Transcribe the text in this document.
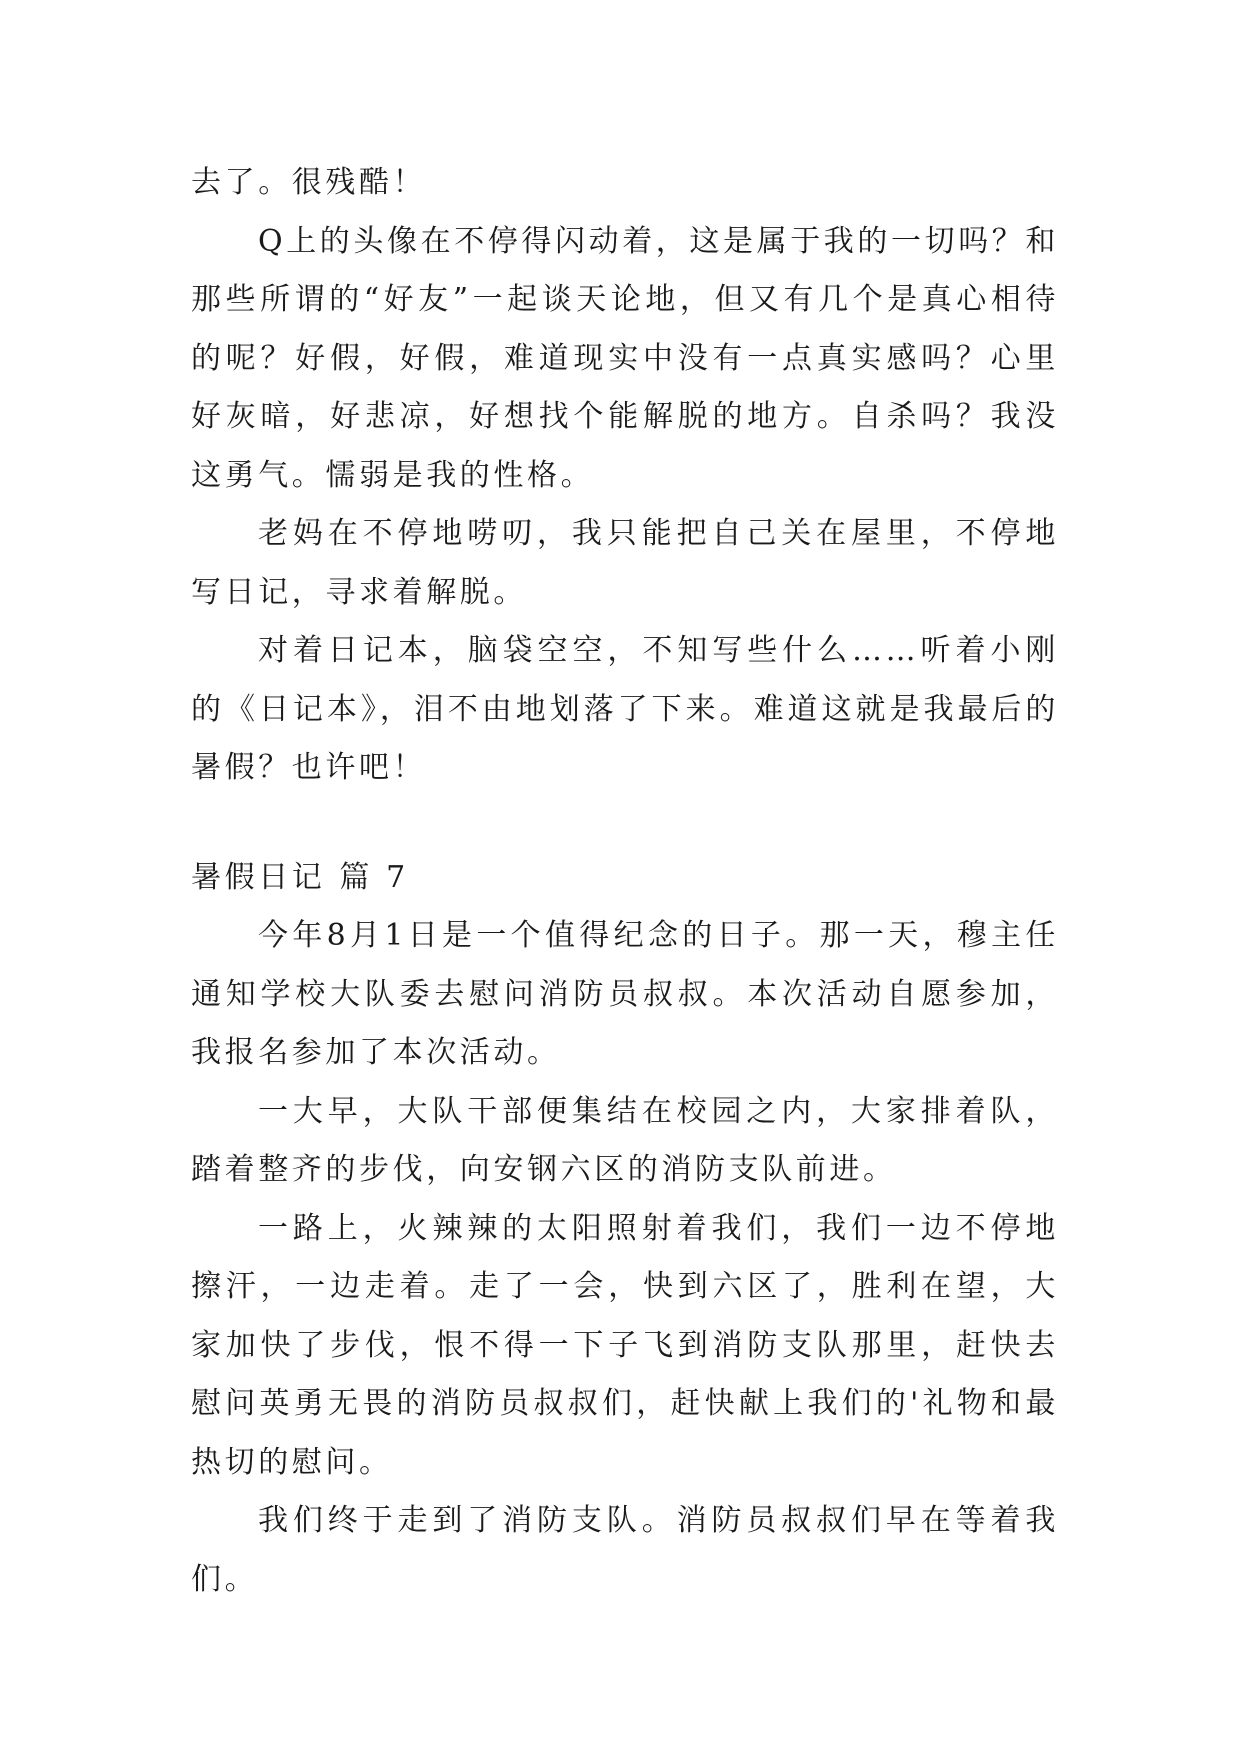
去了。很残酷！

Q上的头像在不停得闪动着，这是属于我的一切吗？和那些所谓的“好友”一起谈天论地，但又有几个是真心相待的呢？好假，好假，难道现实中没有一点真实感吗？心里好灰暗，好悲凉，好想找个能解脱的地方。自杀吗？我没这勇气。懦弱是我的性格。

老妈在不停地唠叨，我只能把自己关在屋里，不停地写日记，寻求着解脱。

对着日记本，脑袋空空，不知写些什么……听着小刚的《日记本》，泪不由地划落了下来。难道这就是我最后的暑假？也许吧！

暑假日记 篇 7

今年8月1日是一个值得纪念的日子。那一天，穆主任通知学校大队委去慰问消防员叔叔。本次活动自愿参加，我报名参加了本次活动。

一大早，大队干部便集结在校园之内，大家排着队，踏着整齐的步伐，向安钢六区的消防支队前进。

一路上，火辣辣的太阳照射着我们，我们一边不停地擦汗，一边走着。走了一会，快到六区了，胜利在望，大家加快了步伐，恨不得一下子飞到消防支队那里，赶快去慰问英勇无畏的消防员叔叔们，赶快献上我们的'礼物和最热切的慰问。

我们终于走到了消防支队。消防员叔叔们早在等着我们。
